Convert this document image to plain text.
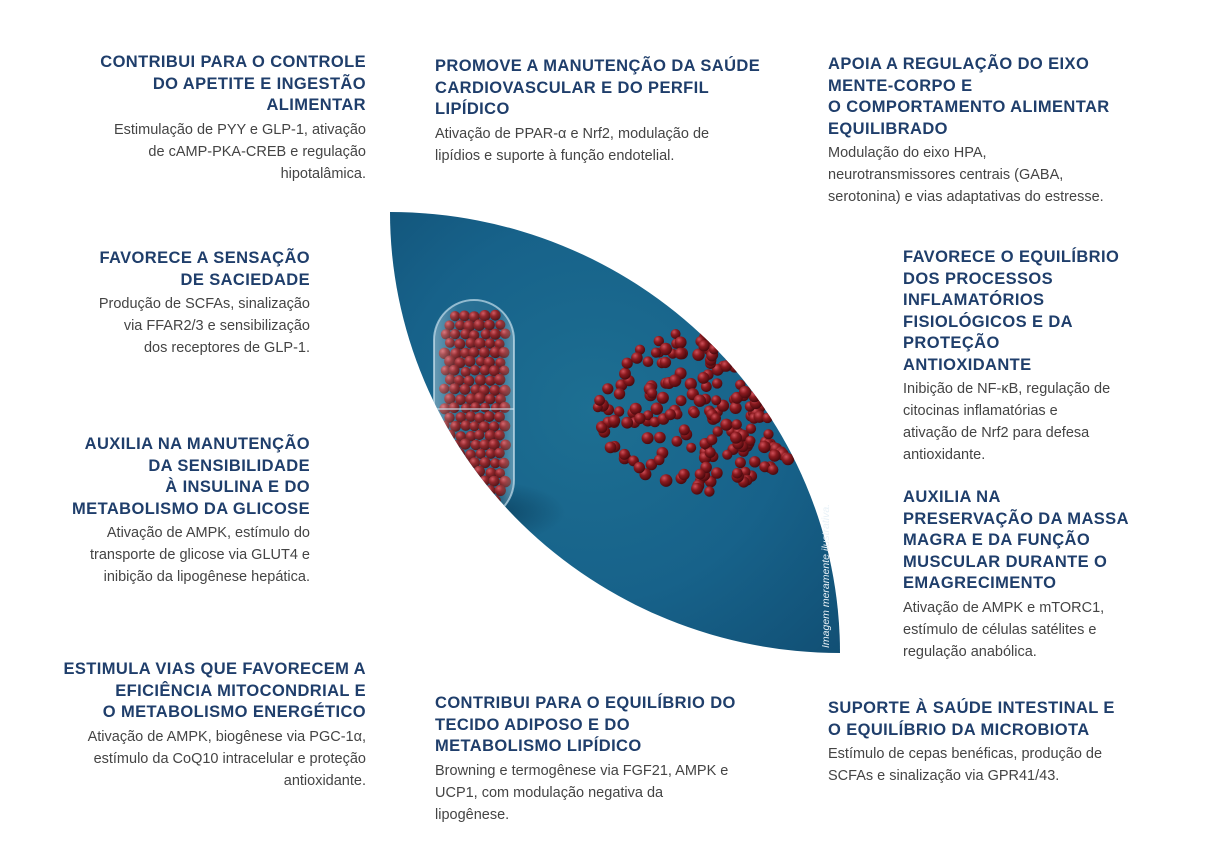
CONTRIBUI PARA O CONTROLE
DO APETITE E INGESTÃO
ALIMENTAR
Estimulação de PYY e GLP-1, ativação
de cAMP-PKA-CREB e regulação
hipotalâmica.
FAVORECE A SENSAÇÃO
DE SACIEDADE
Produção de SCFAs, sinalização
via FFAR2/3 e sensibilização
dos receptores de GLP-1.
AUXILIA NA MANUTENÇÃO
DA SENSIBILIDADE
À INSULINA E DO
METABOLISMO DA GLICOSE
Ativação de AMPK, estímulo do
transporte de glicose via GLUT4 e
inibição da lipogênese hepática.
ESTIMULA VIAS QUE FAVORECEM A
EFICIÊNCIA MITOCONDRIAL E
O METABOLISMO ENERGÉTICO
Ativação de AMPK, biogênese via PGC-1α,
estímulo da CoQ10 intracelular e proteção
antioxidante.
PROMOVE A MANUTENÇÃO DA SAÚDE
CARDIOVASCULAR E DO PERFIL
LIPÍDICO
Ativação de PPAR-α e Nrf2, modulação de
lipídios e suporte à função endotelial.
CONTRIBUI PARA O EQUILÍBRIO DO
TECIDO ADIPOSO E DO
METABOLISMO LIPÍDICO
Browning e termogênese via FGF21, AMPK e
UCP1, com modulação negativa da
lipogênese.
APOIA A REGULAÇÃO DO EIXO
MENTE-CORPO E
O COMPORTAMENTO ALIMENTAR
EQUILIBRADO
Modulação do eixo HPA,
neurotransmissores centrais (GABA,
serotonina) e vias adaptativas do estresse.
FAVORECE O EQUILÍBRIO
DOS PROCESSOS
INFLAMATÓRIOS
FISIOLÓGICOS E DA
PROTEÇÃO
ANTIOXIDANTE
Inibição de NF-κB, regulação de
citocinas inflamatórias e
ativação de Nrf2 para defesa
antioxidante.
AUXILIA NA
PRESERVAÇÃO DA MASSA
MAGRA E DA FUNÇÃO
MUSCULAR DURANTE O
EMAGRECIMENTO
Ativação de AMPK e mTORC1,
estímulo de células satélites e
regulação anabólica.
SUPORTE À SAÚDE INTESTINAL E
O EQUILÍBRIO DA MICROBIOTA
Estímulo de cepas benéficas, produção de
SCFAs e sinalização via GPR41/43.
Imagem meramente ilustrativa.
